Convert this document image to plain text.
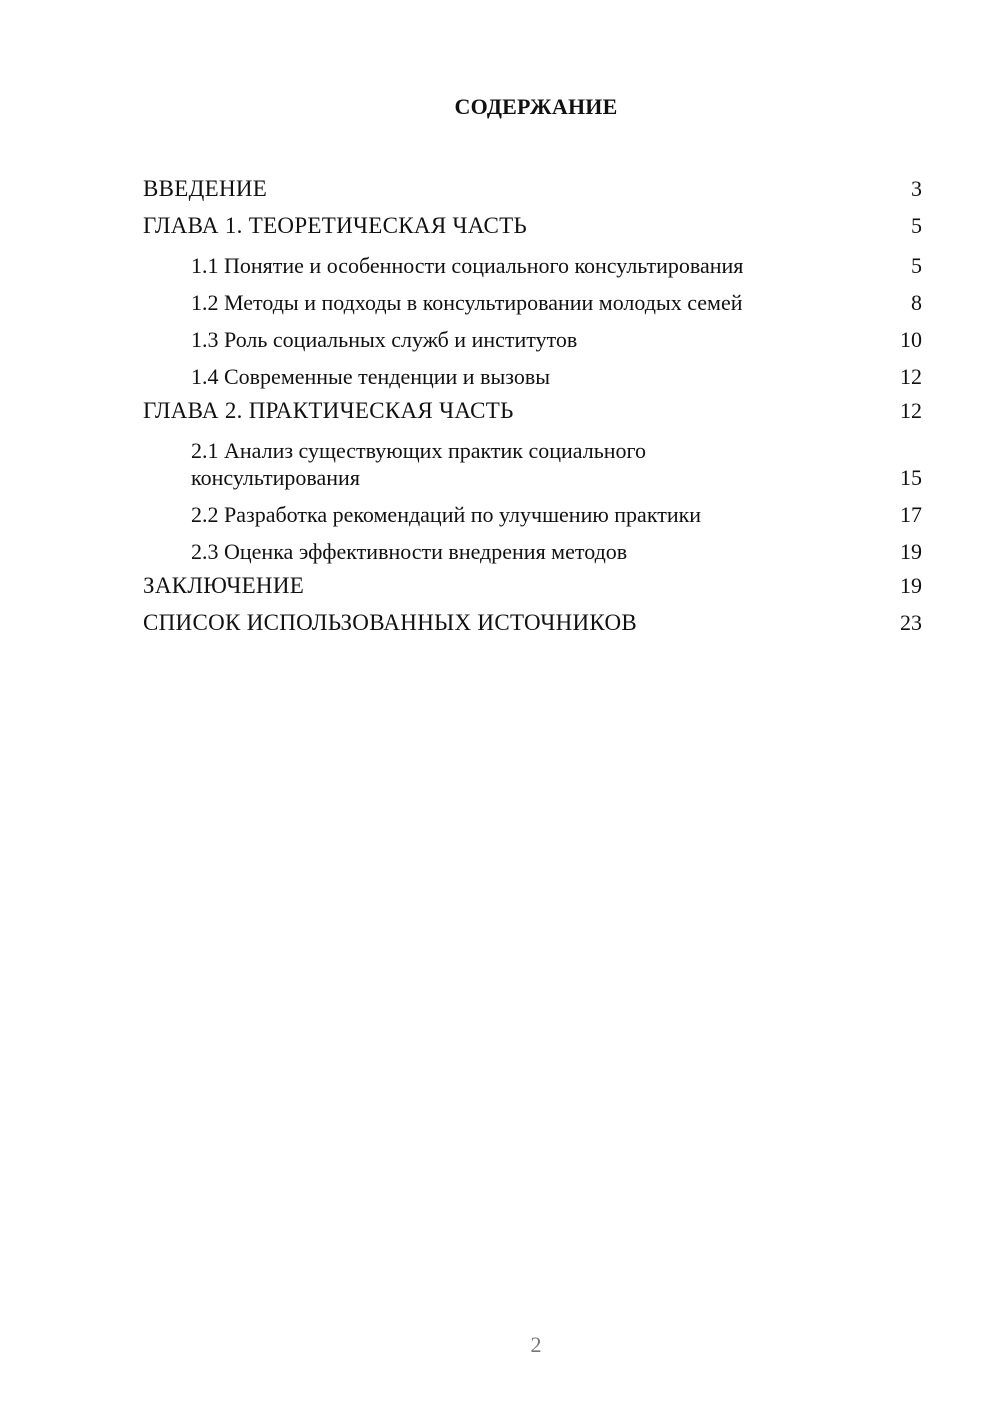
СОДЕРЖАНИЕ
ВВЕДЕНИЕ	3
ГЛАВА 1. ТЕОРЕТИЧЕСКАЯ ЧАСТЬ	5
1.1 Понятие и особенности социального консультирования	5
1.2 Методы и подходы в консультировании молодых семей	8
1.3 Роль социальных служб и институтов	10
1.4 Современные тенденции и вызовы	12
ГЛАВА 2. ПРАКТИЧЕСКАЯ ЧАСТЬ	12
2.1 Анализ существующих практик социального консультирования	15
2.2 Разработка рекомендаций по улучшению практики	17
2.3 Оценка эффективности внедрения методов	19
ЗАКЛЮЧЕНИЕ	19
СПИСОК ИСПОЛЬЗОВАННЫХ ИСТОЧНИКОВ	23
2
